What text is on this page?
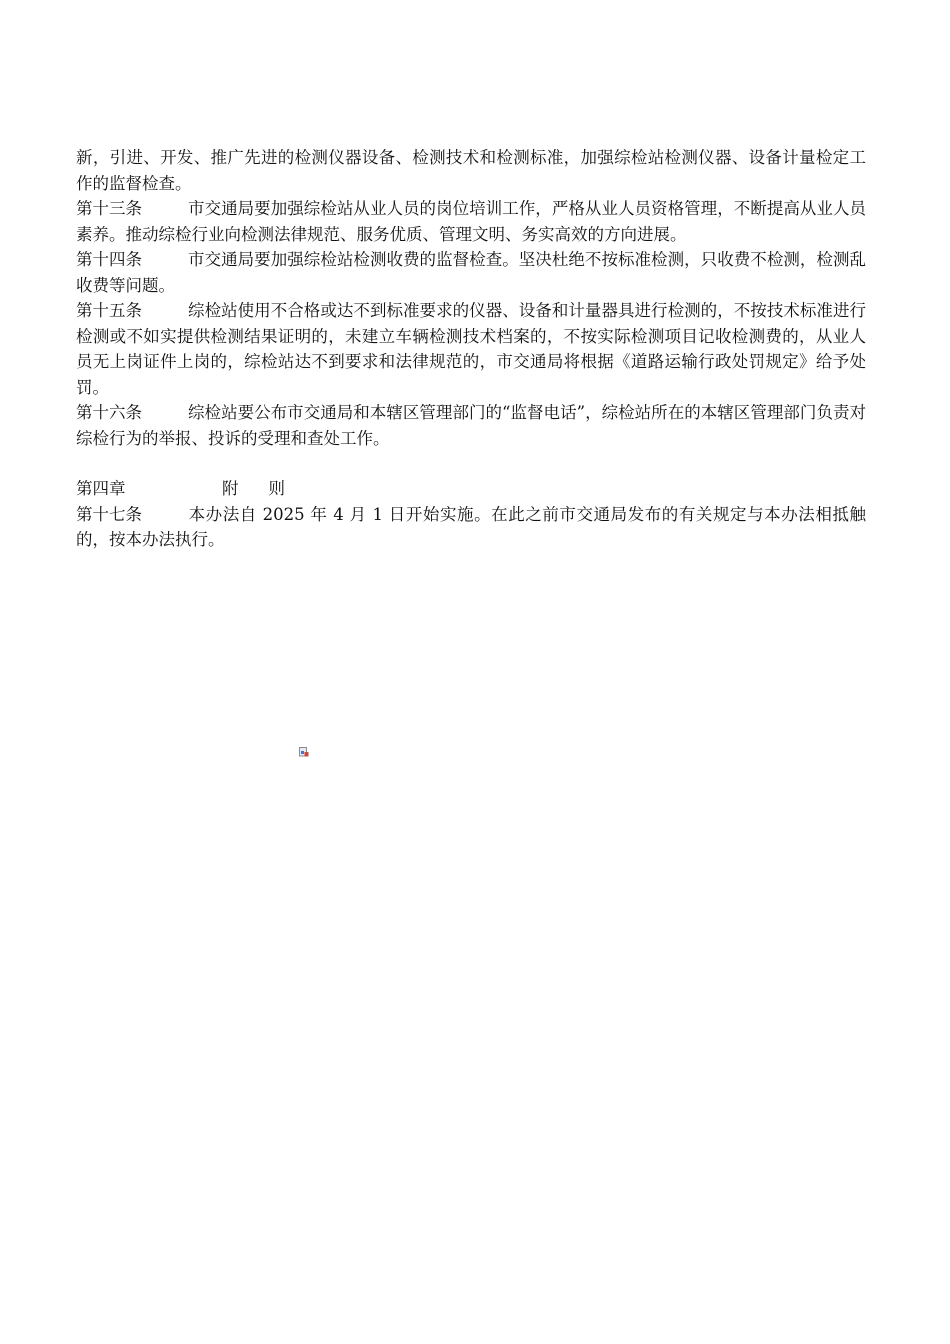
新，引进、开发、推广先进的检测仪器设备、检测技术和检测标准，加强综检站检测仪器、设备计量检定工作的监督检查。

第十三条	市交通局要加强综检站从业人员的岗位培训工作，严格从业人员资格管理，不断提高从业人员素养。推动综检行业向检测法律规范、服务优质、管理文明、务实高效的方向进展。

第十四条	市交通局要加强综检站检测收费的监督检查。坚决杜绝不按标准检测，只收费不检测，检测乱收费等问题。

第十五条	综检站使用不合格或达不到标准要求的仪器、设备和计量器具进行检测的，不按技术标准进行检测或不如实提供检测结果证明的，未建立车辆检测技术档案的，不按实际检测项目记收检测费的，从业人员无上岗证件上岗的，综检站达不到要求和法律规范的，市交通局将根据《道路运输行政处罚规定》给予处罚。

第十六条	综检站要公布市交通局和本辖区管理部门的“监督电话”，综检站所在的本辖区管理部门负责对综检行为的举报、投诉的受理和查处工作。

第四章	附 则

第十七条	本办法自 2025 年 4 月 1 日开始实施。在此之前市交通局发布的有关规定与本办法相抵触的，按本办法执行。
